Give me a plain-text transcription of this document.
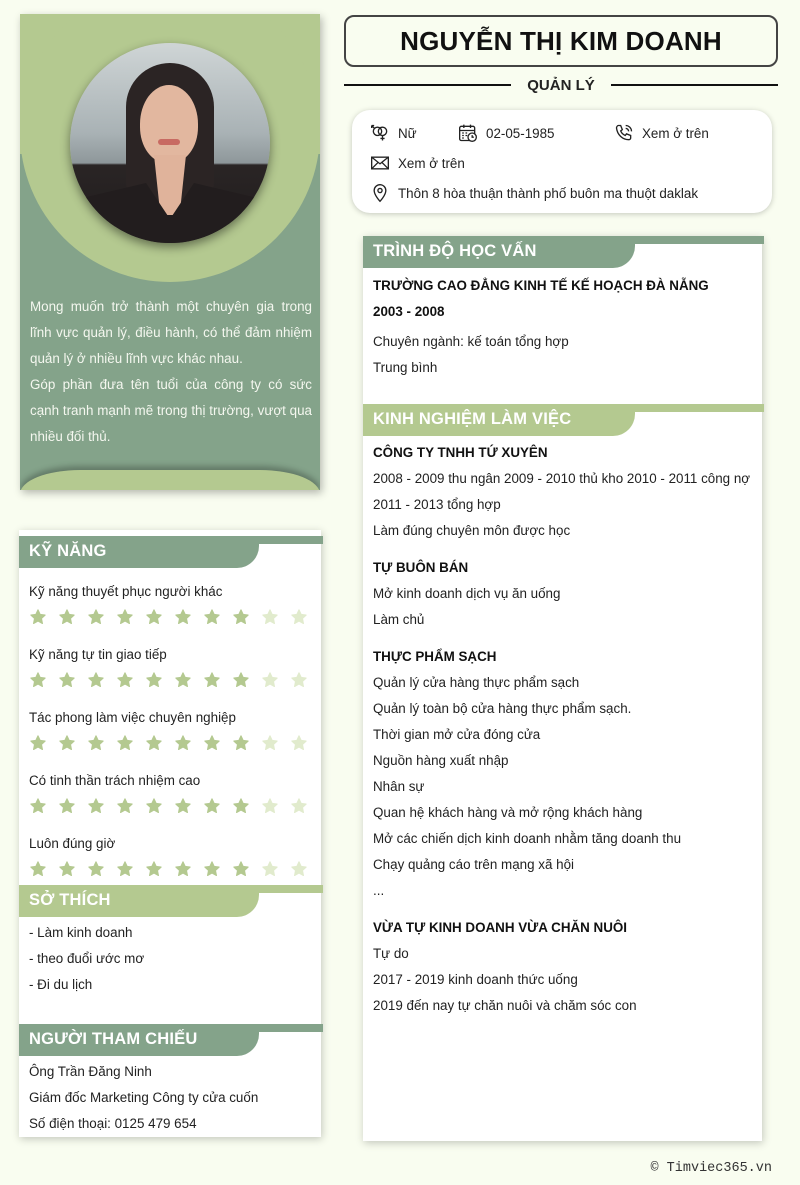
Mong muốn trở thành một chuyên gia trong lĩnh vực quản lý, điều hành, có thể đảm nhiệm quản lý ở nhiều lĩnh vực khác nhau.

Góp phần đưa tên tuổi của công ty có sức cạnh tranh mạnh mẽ trong thị trường, vượt qua nhiều đối thủ.

NGUYỄN THỊ KIM DOANH
QUẢN LÝ
Nữ	02-05-1985	Xem ở trên
Xem ở trên
Thôn 8 hòa thuận thành phố buôn ma thuột daklak
KỸ NĂNG
Kỹ năng thuyết phục người khác
Kỹ năng tự tin giao tiếp
Tác phong làm việc chuyên nghiệp
Có tinh thần trách nhiệm cao
Luôn đúng giờ
SỞ THÍCH
- Làm kinh doanh
- theo đuổi ước mơ
- Đi du lịch
NGƯỜI THAM CHIẾU
Ông Trần Đăng Ninh
Giám đốc Marketing Công ty cửa cuốn
Số điện thoại: 0125 479 654
TRÌNH ĐỘ HỌC VẤN
TRƯỜNG CAO ĐẲNG KINH TẾ KẾ HOẠCH ĐÀ NẴNG
2003 - 2008
Chuyên ngành: kế toán tổng hợp
Trung bình
KINH NGHIỆM LÀM VIỆC
CÔNG TY TNHH TỨ XUYÊN
2008 - 2009 thu ngân 2009 - 2010 thủ kho 2010 - 2011 công nợ 2011 - 2013 tổng hợp
Làm đúng chuyên môn được học
TỰ BUÔN BÁN
Mở kinh doanh dịch vụ ăn uống
Làm chủ
THỰC PHẨM SẠCH
Quản lý cửa hàng thực phẩm sạch
Quản lý toàn bộ cửa hàng thực phẩm sạch.
Thời gian mở cửa đóng cửa
Nguồn hàng xuất nhập
Nhân sự
Quan hệ khách hàng và mở rộng khách hàng
Mở các chiến dịch kinh doanh nhằm tăng doanh thu
Chạy quảng cáo trên mạng xã hội
...
VỪA TỰ KINH DOANH VỪA CHĂN NUÔI
Tự do
2017 - 2019 kinh doanh thức uống
2019 đến nay tự chăn nuôi và chăm sóc con
© Timviec365.vn
